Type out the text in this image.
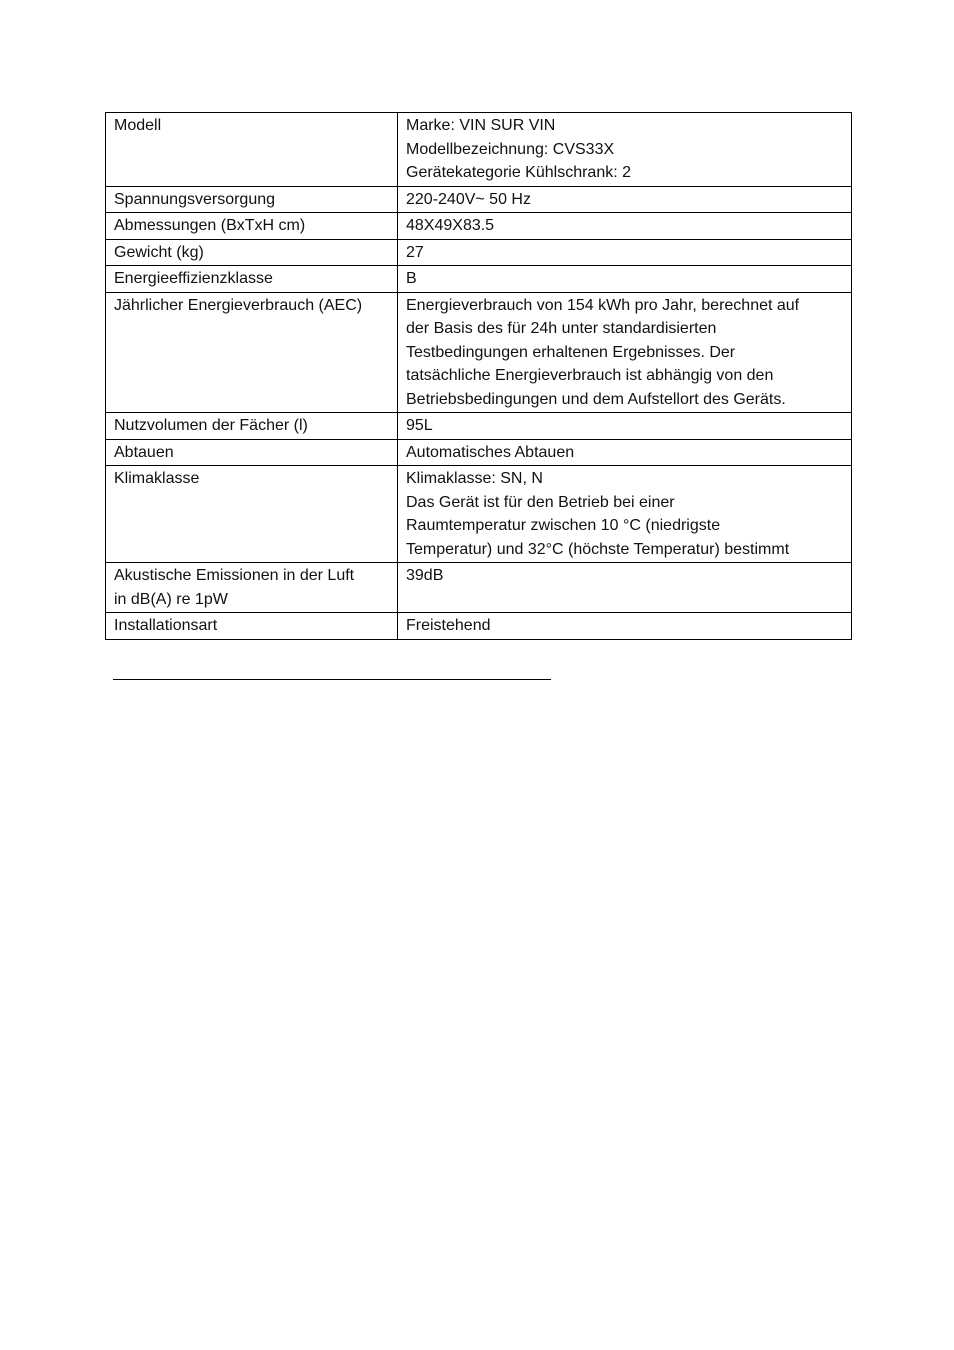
Modell	Marke: VIN SUR VIN
Modellbezeichnung: CVS33X
Gerätekategorie Kühlschrank: 2

Spannungsversorgung	220-240V~ 50 Hz

Abmessungen (BxTxH cm)	48X49X83.5

Gewicht (kg)	27

Energieeffizienzklasse	B

Jährlicher Energieverbrauch (AEC)	Energieverbrauch von 154 kWh pro Jahr, berechnet auf
der Basis des für 24h unter standardisierten
Testbedingungen erhaltenen Ergebnisses. Der
tatsächliche Energieverbrauch ist abhängig von den
Betriebsbedingungen und dem Aufstellort des Geräts.

Nutzvolumen der Fächer (l)	95L

Abtauen	Automatisches Abtauen

Klimaklasse	Klimaklasse: SN, N
Das Gerät ist für den Betrieb bei einer
Raumtemperatur zwischen 10 °C (niedrigste
Temperatur) und 32°C (höchste Temperatur) bestimmt

Akustische Emissionen in der Luft
in dB(A) re 1pW	39dB

Installationsart	Freistehend
